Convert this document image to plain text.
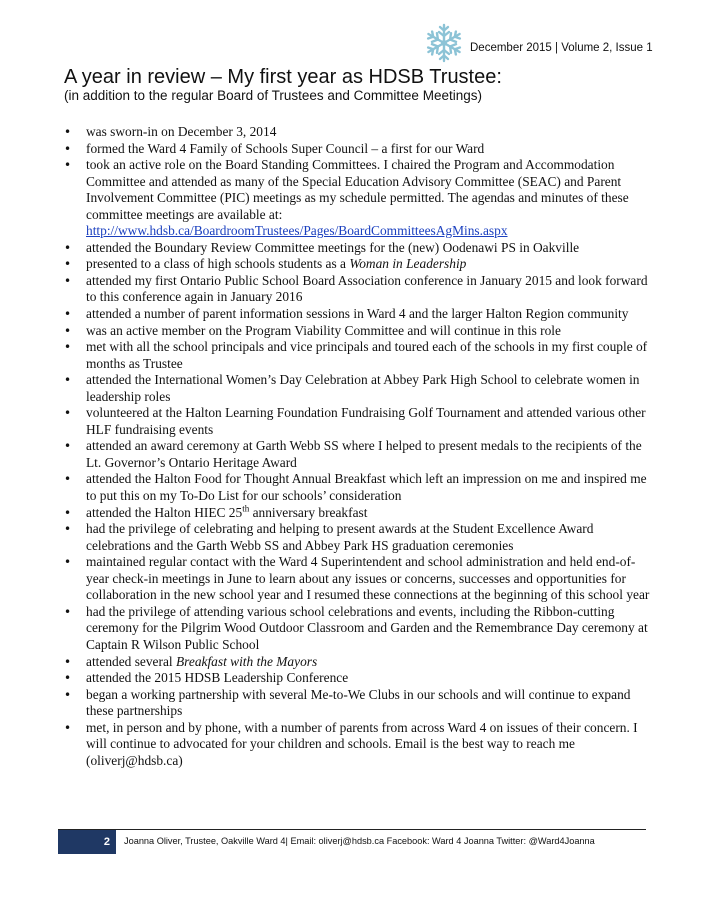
December 2015 | Volume 2, Issue 1
A year in review – My first year as HDSB Trustee:
(in addition to the regular Board of Trustees and Committee Meetings)
• was sworn-in on December 3, 2014
• formed the Ward 4 Family of Schools Super Council – a first for our Ward
• took an active role on the Board Standing Committees. I chaired the Program and Accommodation Committee and attended as many of the Special Education Advisory Committee (SEAC) and Parent Involvement Committee (PIC) meetings as my schedule permitted. The agendas and minutes of these committee meetings are available at:
http://www.hdsb.ca/BoardroomTrustees/Pages/BoardCommitteesAgMins.aspx
• attended the Boundary Review Committee meetings for the (new) Oodenawi PS in Oakville
• presented to a class of high schools students as a Woman in Leadership
• attended my first Ontario Public School Board Association conference in January 2015 and look forward to this conference again in January 2016
• attended a number of parent information sessions in Ward 4 and the larger Halton Region community
• was an active member on the Program Viability Committee and will continue in this role
• met with all the school principals and vice principals and toured each of the schools in my first couple of months as Trustee
• attended the International Women’s Day Celebration at Abbey Park High School to celebrate women in leadership roles
• volunteered at the Halton Learning Foundation Fundraising Golf Tournament and attended various other HLF fundraising events
• attended an award ceremony at Garth Webb SS where I helped to present medals to the recipients of the Lt. Governor’s Ontario Heritage Award
• attended the Halton Food for Thought Annual Breakfast which left an impression on me and inspired me to put this on my To-Do List for our schools’ consideration
• attended the Halton HIEC 25th anniversary breakfast
• had the privilege of celebrating and helping to present awards at the Student Excellence Award celebrations and the Garth Webb SS and Abbey Park HS graduation ceremonies
• maintained regular contact with the Ward 4 Superintendent and school administration and held end-of-year check-in meetings in June to learn about any issues or concerns, successes and opportunities for collaboration in the new school year and I resumed these connections at the beginning of this school year
• had the privilege of attending various school celebrations and events, including the Ribbon-cutting ceremony for the Pilgrim Wood Outdoor Classroom and Garden and the Remembrance Day ceremony at Captain R Wilson Public School
• attended several Breakfast with the Mayors
• attended the 2015 HDSB Leadership Conference
• began a working partnership with several Me-to-We Clubs in our schools and will continue to expand these partnerships
• met, in person and by phone, with a number of parents from across Ward 4 on issues of their concern. I will continue to advocated for your children and schools. Email is the best way to reach me (oliverj@hdsb.ca)
2	Joanna Oliver, Trustee, Oakville Ward 4| Email: oliverj@hdsb.ca Facebook: Ward 4 Joanna Twitter: @Ward4Joanna
